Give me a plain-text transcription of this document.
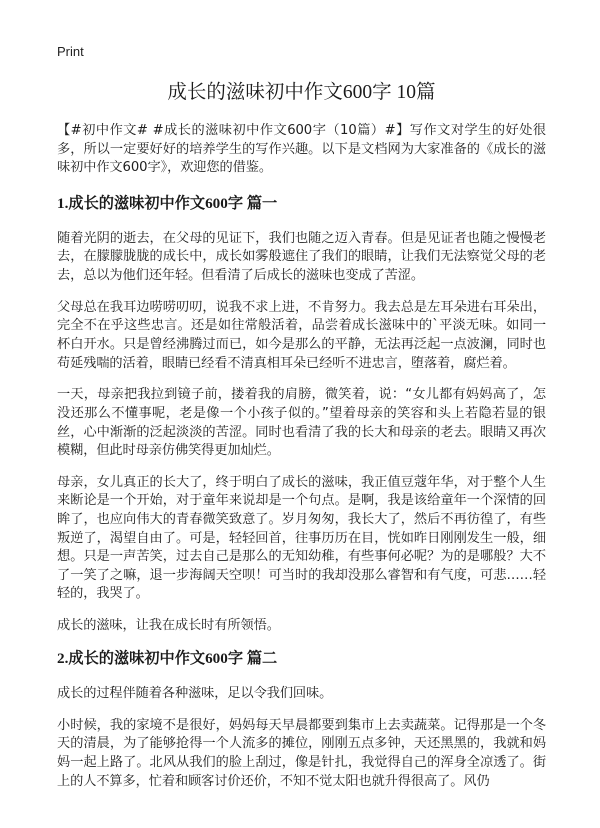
Print
成长的滋味初中作文600字 10篇

【#初中作文# #成长的滋味初中作文600字（10篇）#】写作文对学生的好处很多，所以一定要好好的培养学生的写作兴趣。以下是文档网为大家准备的《成长的滋味初中作文600字》，欢迎您的借鉴。

1.成长的滋味初中作文600字 篇一

随着光阴的逝去，在父母的见证下，我们也随之迈入青春。但是见证者也随之慢慢老去，在朦朦胧胧的成长中，成长如雾般遮住了我们的眼睛，让我们无法察觉父母的老去，总以为他们还年轻。但看清了后成长的滋味也变成了苦涩。

父母总在我耳边唠唠叨叨，说我不求上进，不肯努力。我去总是左耳朵进右耳朵出，完全不在乎这些忠言。还是如往常般活着，品尝着成长滋味中的`平淡无味。如同一杯白开水。只是曾经沸腾过而已，如今是那么的平静，无法再泛起一点波澜，同时也苟延残喘的活着，眼睛已经看不清真相耳朵已经听不进忠言，堕落着，腐烂着。

一天，母亲把我拉到镜子前，搂着我的肩膀，微笑着，说：“女儿都有妈妈高了，怎没还那么不懂事呢，老是像一个小孩子似的。”望着母亲的笑容和头上若隐若显的银丝，心中渐渐的泛起淡淡的苦涩。同时也看清了我的长大和母亲的老去。眼睛又再次模糊，但此时母亲仿佛笑得更加灿烂。

母亲，女儿真正的长大了，终于明白了成长的滋味，我正值豆蔻年华，对于整个人生来断论是一个开始，对于童年来说却是一个句点。是啊，我是该给童年一个深情的回眸了，也应向伟大的青春微笑致意了。岁月匆匆，我长大了，然后不再彷徨了，有些叛逆了，渴望自由了。可是，轻轻回首，往事历历在目，恍如昨日刚刚发生一般，细想。只是一声苦笑，过去自己是那么的无知幼稚，有些事何必呢？为的是哪般？大不了一笑了之嘛，退一步海阔天空呗！可当时的我却没那么睿智和有气度，可悲……轻轻的，我哭了。

成长的滋味，让我在成长时有所领悟。

2.成长的滋味初中作文600字 篇二

成长的过程伴随着各种滋味，足以令我们回味。

小时候，我的家境不是很好，妈妈每天早晨都要到集市上去卖蔬菜。记得那是一个冬天的清晨，为了能够抢得一个人流多的摊位，刚刚五点多钟，天还黑黑的，我就和妈妈一起上路了。北风从我们的脸上刮过，像是针扎，我觉得自己的浑身全凉透了。街上的人不算多，忙着和顾客讨价还价，不知不觉太阳也就升得很高了。风仍
